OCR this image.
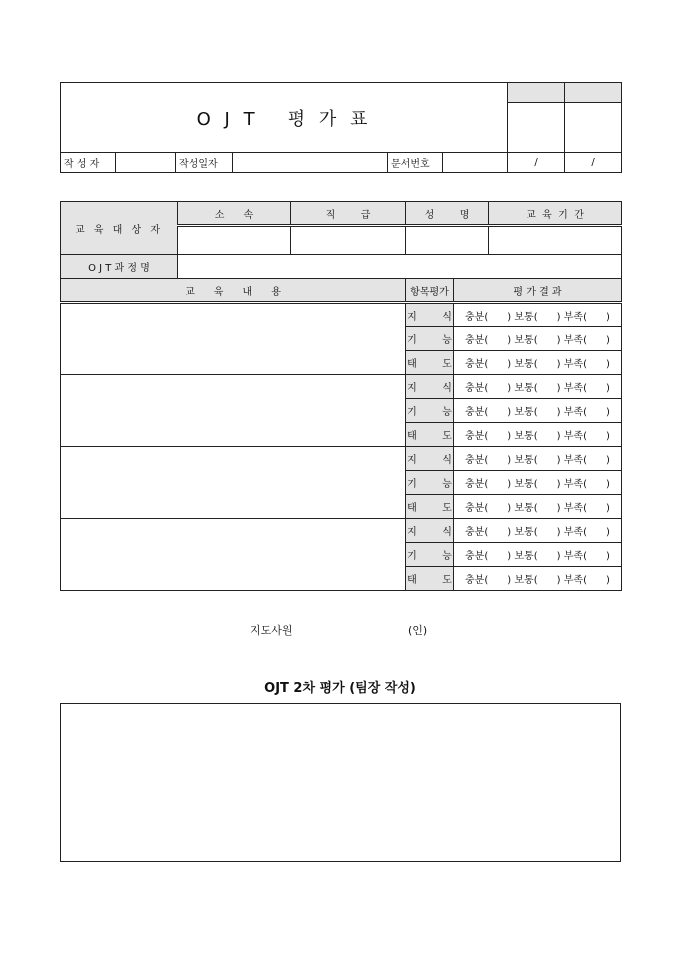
O J T   평 가 표								

작 성 자		작성일자		문서번호		/	/	
교 육 대 상 자	소      속	직        급	성        명		교  육  기  간

O J T 과 정 명					
교      육      내      용			항목평가	평 가 결 과	
			지        식	충분(      ) 보통(      ) 부족(      )	
			기        능	충분(      ) 보통(      ) 부족(      )	
			태        도	충분(      ) 보통(      ) 부족(      )	
			지        식	충분(      ) 보통(      ) 부족(      )	
			기        능	충분(      ) 보통(      ) 부족(      )	
			태        도	충분(      ) 보통(      ) 부족(      )	
			지        식	충분(      ) 보통(      ) 부족(      )	
			기        능	충분(      ) 보통(      ) 부족(      )	
			태        도	충분(      ) 보통(      ) 부족(      )	
			지        식	충분(      ) 보통(      ) 부족(      )	
			기        능	충분(      ) 보통(      ) 부족(      )	
			태        도	충분(      ) 보통(      ) 부족(      )	
지도사원	(인)
OJT 2차 평가 (팀장 작성)
